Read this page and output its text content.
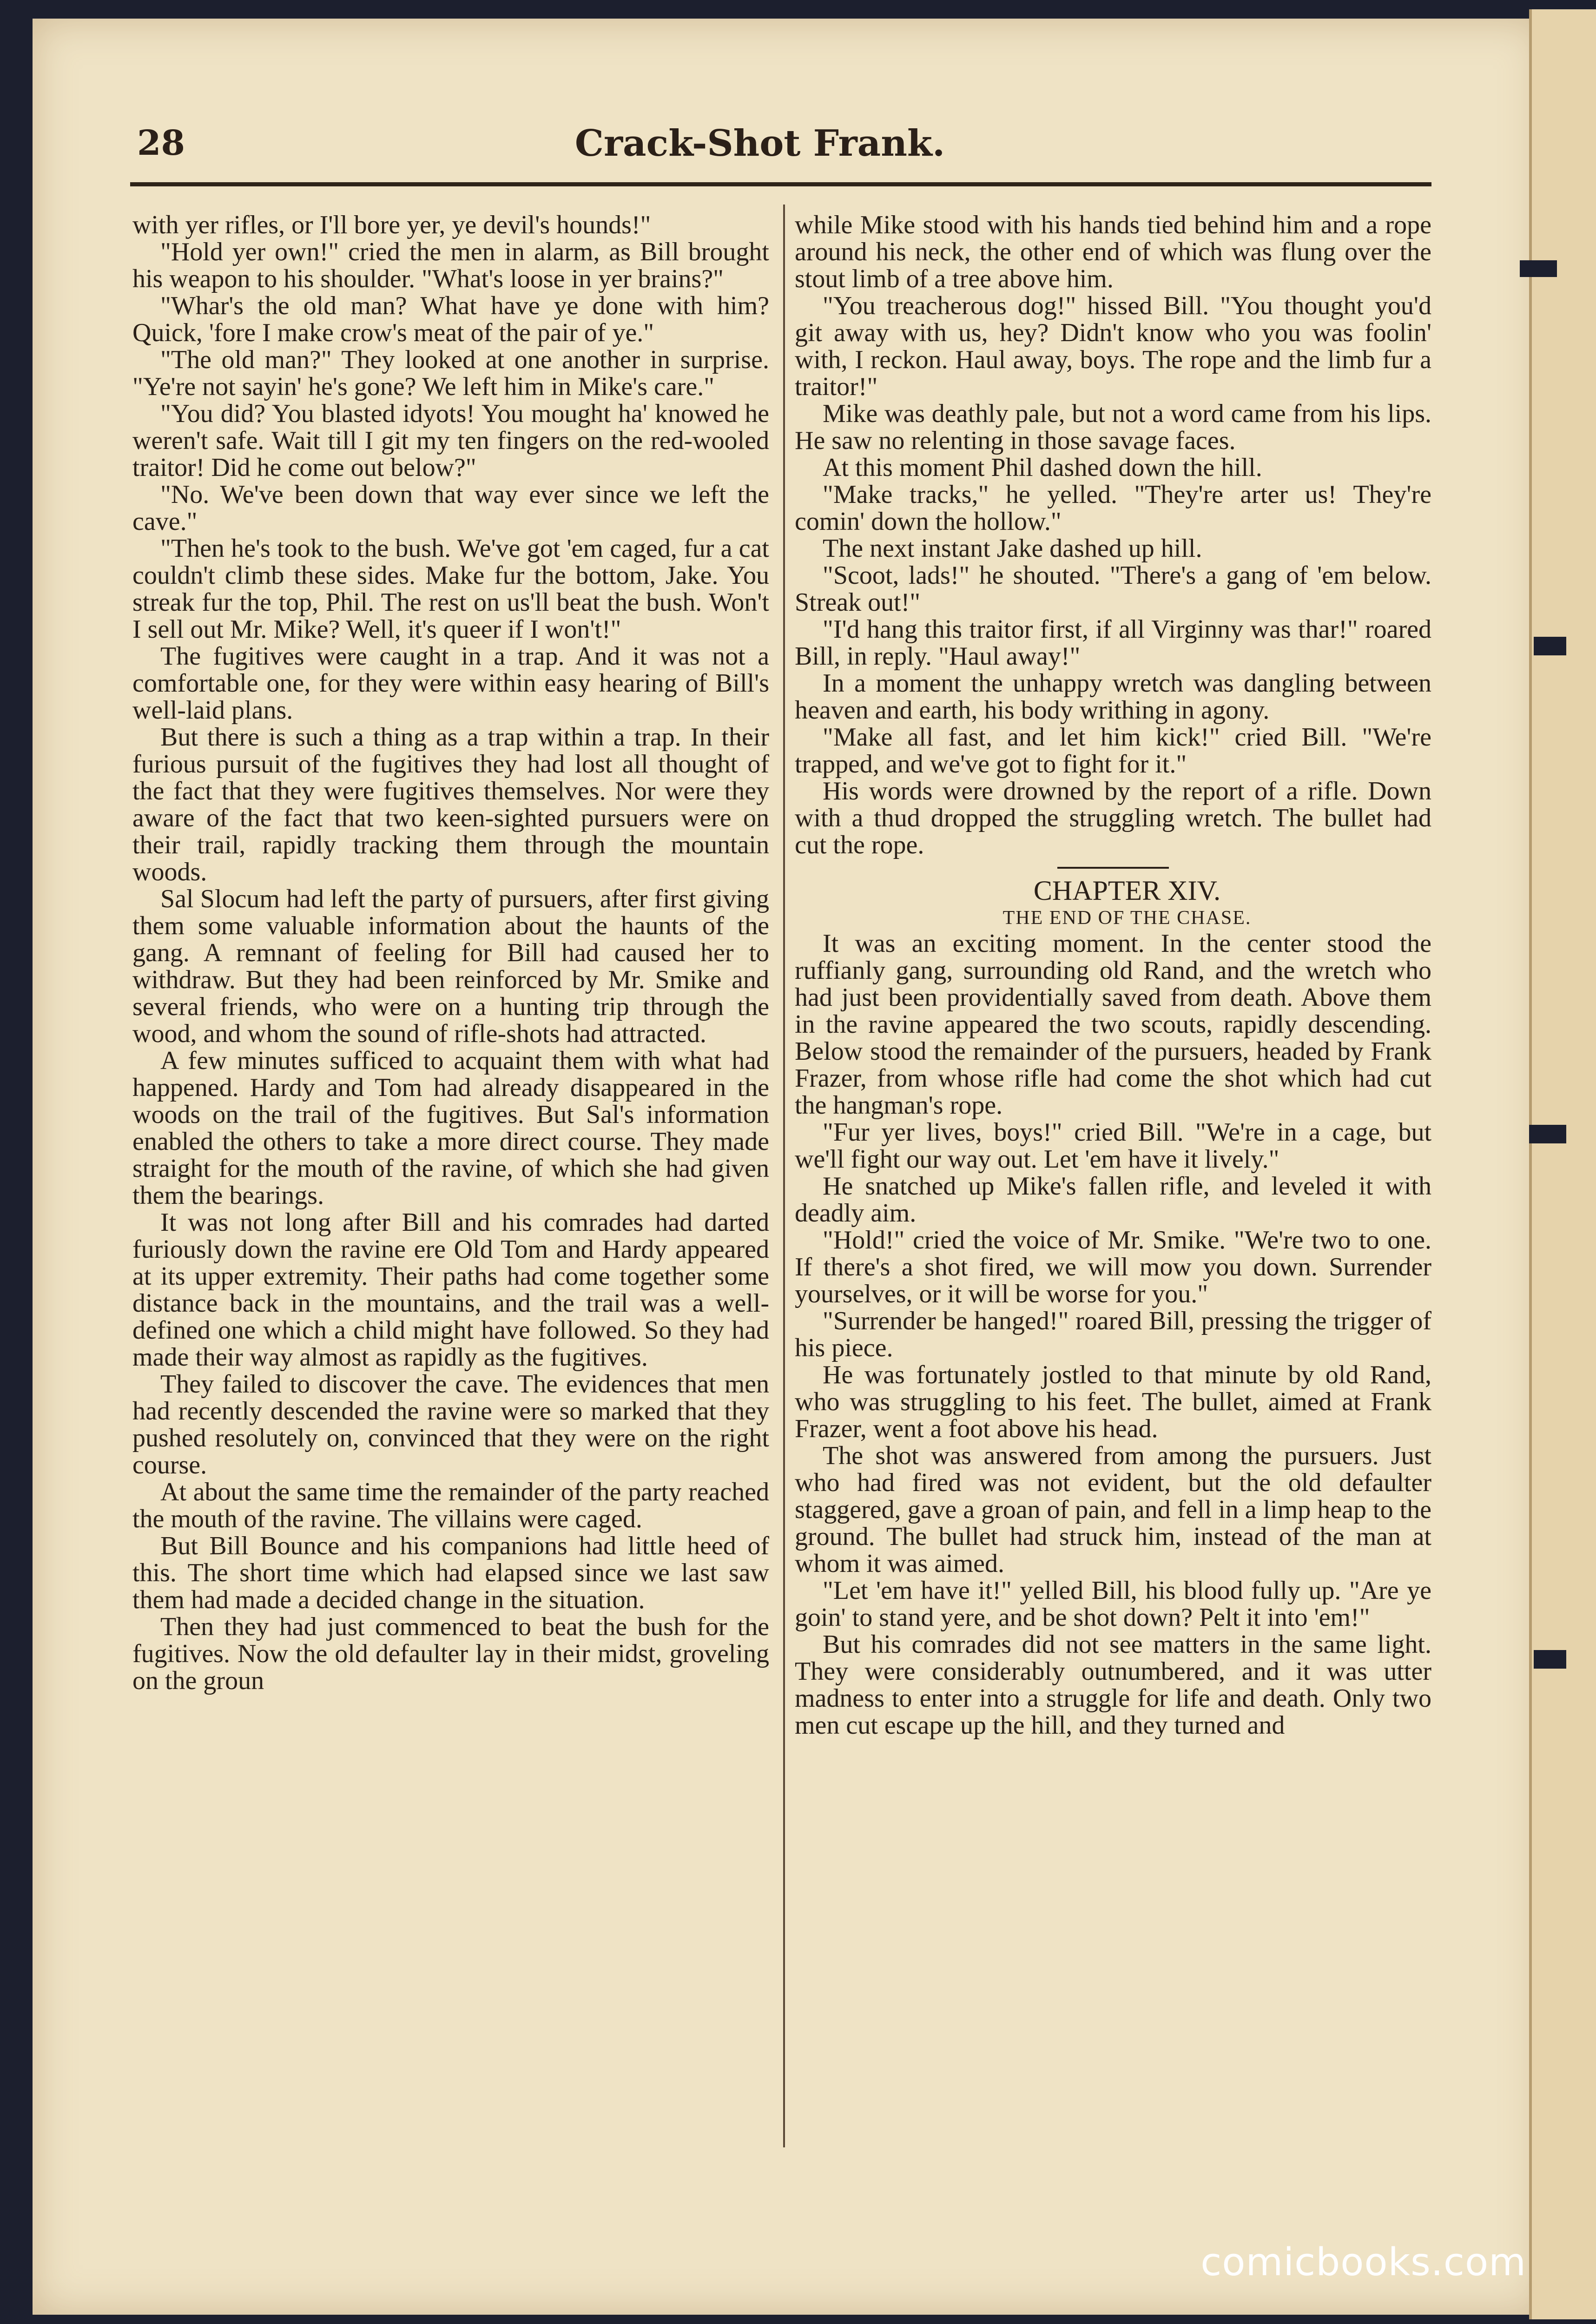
28	Crack-Shot Frank.

with yer rifles, or I'll bore yer, ye devil's hounds!"

"Hold yer own!" cried the men in alarm, as Bill brought his weapon to his shoulder. "What's loose in yer brains?"

"Whar's the old man? What have ye done with him? Quick, 'fore I make crow's meat of the pair of ye."

"The old man?" They looked at one another in surprise. "Ye're not sayin' he's gone? We left him in Mike's care."

"You did? You blasted idyots! You mought ha' knowed he weren't safe. Wait till I git my ten fingers on the red-wooled traitor! Did he come out below?"

"No. We've been down that way ever since we left the cave."

"Then he's took to the bush. We've got 'em caged, fur a cat couldn't climb these sides. Make fur the bottom, Jake. You streak fur the top, Phil. The rest on us'll beat the bush. Won't I sell out Mr. Mike? Well, it's queer if I won't!"

The fugitives were caught in a trap. And it was not a comfortable one, for they were within easy hearing of Bill's well-laid plans.

But there is such a thing as a trap within a trap. In their furious pursuit of the fugitives they had lost all thought of the fact that they were fugitives themselves. Nor were they aware of the fact that two keen-sighted pursuers were on their trail, rapidly tracking them through the mountain woods.

Sal Slocum had left the party of pursuers, after first giving them some valuable information about the haunts of the gang. A remnant of feeling for Bill had caused her to withdraw. But they had been reinforced by Mr. Smike and several friends, who were on a hunting trip through the wood, and whom the sound of rifle-shots had attracted.

A few minutes sufficed to acquaint them with what had happened. Hardy and Tom had already disappeared in the woods on the trail of the fugitives. But Sal's information enabled the others to take a more direct course. They made straight for the mouth of the ravine, of which she had given them the bearings.

It was not long after Bill and his comrades had darted furiously down the ravine ere Old Tom and Hardy appeared at its upper extremity. Their paths had come together some distance back in the mountains, and the trail was a well-defined one which a child might have followed. So they had made their way almost as rapidly as the fugitives.

They failed to discover the cave. The evidences that men had recently descended the ravine were so marked that they pushed resolutely on, convinced that they were on the right course.

At about the same time the remainder of the party reached the mouth of the ravine. The villains were caged.

But Bill Bounce and his companions had little heed of this. The short time which had elapsed since we last saw them had made a decided change in the situation.

Then they had just commenced to beat the bush for the fugitives. Now the old defaulter lay in their midst, groveling on the groun

while Mike stood with his hands tied behind him and a rope around his neck, the other end of which was flung over the stout limb of a tree above him.

"You treacherous dog!" hissed Bill. "You thought you'd git away with us, hey? Didn't know who you was foolin' with, I reckon. Haul away, boys. The rope and the limb fur a traitor!"

Mike was deathly pale, but not a word came from his lips. He saw no relenting in those savage faces.

At this moment Phil dashed down the hill.

"Make tracks," he yelled. "They're arter us! They're comin' down the hollow."

The next instant Jake dashed up hill.

"Scoot, lads!" he shouted. "There's a gang of 'em below. Streak out!"

"I'd hang this traitor first, if all Virginny was thar!" roared Bill, in reply. "Haul away!"

In a moment the unhappy wretch was dangling between heaven and earth, his body writhing in agony.

"Make all fast, and let him kick!" cried Bill. "We're trapped, and we've got to fight for it."

His words were drowned by the report of a rifle. Down with a thud dropped the struggling wretch. The bullet had cut the rope.

CHAPTER XIV.

THE END OF THE CHASE.

It was an exciting moment. In the center stood the ruffianly gang, surrounding old Rand, and the wretch who had just been providentially saved from death. Above them in the ravine appeared the two scouts, rapidly descending. Below stood the remainder of the pursuers, headed by Frank Frazer, from whose rifle had come the shot which had cut the hangman's rope.

"Fur yer lives, boys!" cried Bill. "We're in a cage, but we'll fight our way out. Let 'em have it lively."

He snatched up Mike's fallen rifle, and leveled it with deadly aim.

"Hold!" cried the voice of Mr. Smike. "We're two to one. If there's a shot fired, we will mow you down. Surrender yourselves, or it will be worse for you."

"Surrender be hanged!" roared Bill, pressing the trigger of his piece.

He was fortunately jostled to that minute by old Rand, who was struggling to his feet. The bullet, aimed at Frank Frazer, went a foot above his head.

The shot was answered from among the pursuers. Just who had fired was not evident, but the old defaulter staggered, gave a groan of pain, and fell in a limp heap to the ground. The bullet had struck him, instead of the man at whom it was aimed.

"Let 'em have it!" yelled Bill, his blood fully up. "Are ye goin' to stand yere, and be shot down? Pelt it into 'em!"

But his comrades did not see matters in the same light. They were considerably outnumbered, and it was utter madness to enter into a struggle for life and death. Only two men cut escape up the hill, and they turned and

comicbooks.com
